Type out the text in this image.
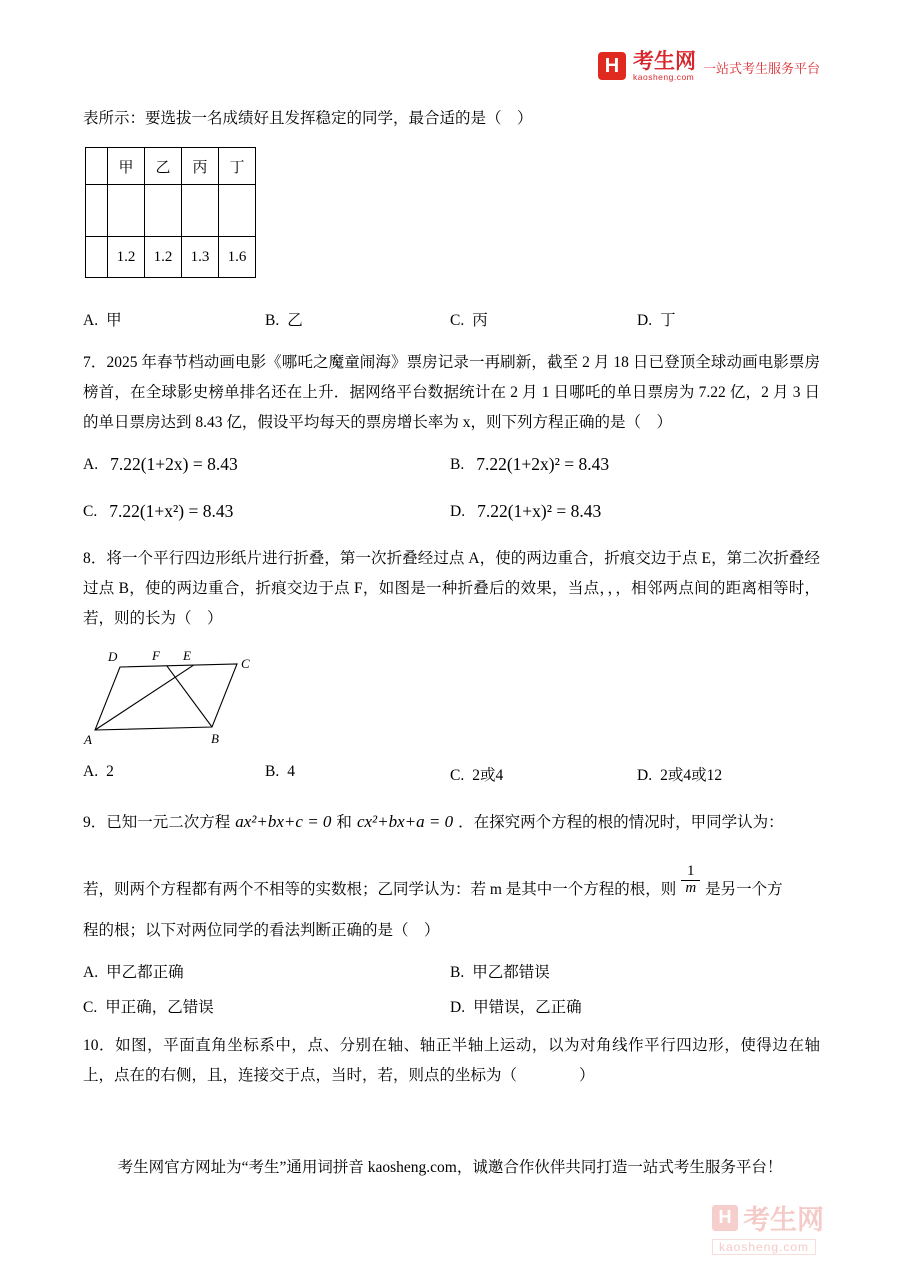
H 考生网
kaosheng.com
一站式考生服务平台

表所示：要选拔一名成绩好且发挥稳定的同学，最合适的是（　）

	甲	乙	丙	丁

	1.2	1.2	1.3	1.6
A. 甲	B. 乙	C. 丙	D. 丁

7．2025 年春节档动画电影《哪吒之魔童闹海》票房记录一再刷新，截至 2 月 18 日已登顶全球动画电影票房榜首，在全球影史榜单排名还在上升．据网络平台数据统计在 2 月 1 日哪吒的单日票房为 7.22 亿，2 月 3 日的单日票房达到 8.43 亿，假设平均每天的票房增长率为 x，则下列方程正确的是（　）

A. 7.22(1+2x) = 8.43	B. 7.22(1+2x)² = 8.43
C. 7.22(1+x²) = 8.43	D. 7.22(1+x)² = 8.43

8．将一个平行四边形纸片进行折叠，第一次折叠经过点 A，使的两边重合，折痕交边于点 E，第二次折叠经过点 B，使的两边重合，折痕交边于点 F，如图是一种折叠后的效果，当点，，，相邻两点间的距离相等时，若，则的长为（　）

D	F E
C
A	B
A. 2	B. 4	C. 2或4	D. 2或4或12

9．已知一元二次方程 ax²+bx+c = 0 和 cx²+bx+a = 0 ．在探究两个方程的根的情况时，甲同学认为：

若，则两个方程都有两个不相等的实数根；乙同学认为：若 m 是其中一个方程的根，则 $\frac{1}{m}$ 是另一个方

程的根；以下对两位同学的看法判断正确的是（　）

A. 甲乙都正确	B. 甲乙都错误
C. 甲正确，乙错误	D. 甲错误，乙正确

10．如图，平面直角坐标系中，点、分别在轴、轴正半轴上运动，以为对角线作平行四边形，使得边在轴上，点在的右侧，且，连接交于点，当时，若，则点的坐标为（　　　　）

考生网官方网址为“考生”通用词拼音 kaosheng.com，诚邀合作伙伴共同打造一站式考生服务平台！

H 考生网
kaosheng.com
